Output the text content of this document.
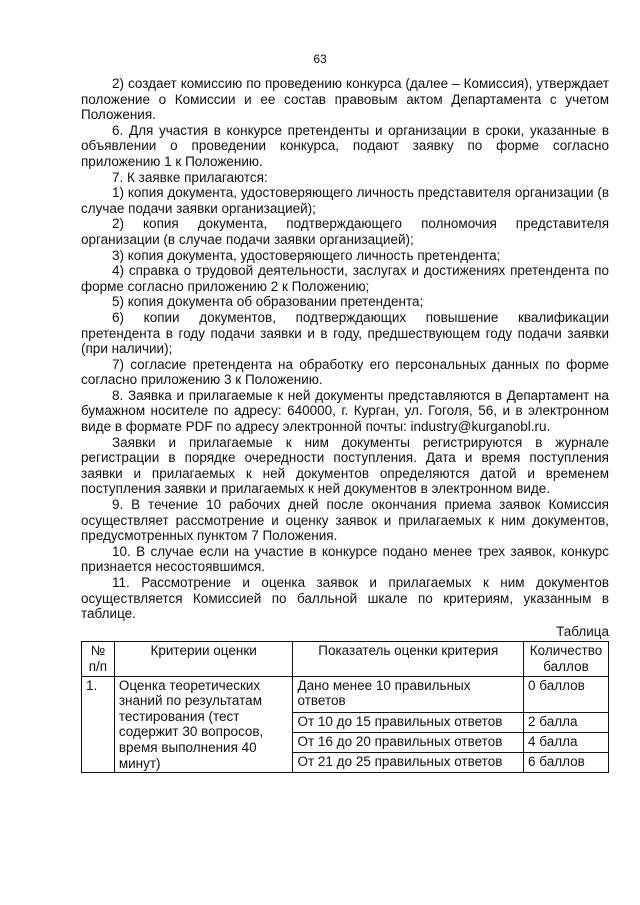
63

2) создает комиссию по проведению конкурса (далее – Комиссия), утверждает положение о Комиссии и ее состав правовым актом Департамента с учетом Положения.

6. Для участия в конкурсе претенденты и организации в сроки, указанные в объявлении о проведении конкурса, подают заявку по форме согласно приложению 1 к Положению.

7. К заявке прилагаются:

1) копия документа, удостоверяющего личность представителя организации (в случае подачи заявки организацией);

2) копия документа, подтверждающего полномочия представителя организации (в случае подачи заявки организацией);

3) копия документа, удостоверяющего личность претендента;

4) справка о трудовой деятельности, заслугах и достижениях претендента по форме согласно приложению 2 к Положению;

5) копия документа об образовании претендента;

6) копии документов, подтверждающих повышение квалификации претендента в году подачи заявки и в году, предшествующем году подачи заявки (при наличии);

7) согласие претендента на обработку его персональных данных по форме согласно приложению 3 к Положению.

8. Заявка и прилагаемые к ней документы представляются в Департамент на бумажном носителе по адресу: 640000, г. Курган, ул. Гоголя, 56, и в электронном виде в формате PDF по адресу электронной почты: industry@kurganobl.ru.

Заявки и прилагаемые к ним документы регистрируются в журнале регистрации в порядке очередности поступления. Дата и время поступления заявки и прилагаемых к ней документов определяются датой и временем поступления заявки и прилагаемых к ней документов в электронном виде.

9. В течение 10 рабочих дней после окончания приема заявок Комиссия осуществляет рассмотрение и оценку заявок и прилагаемых к ним документов, предусмотренных пунктом 7 Положения.

10. В случае если на участие в конкурсе подано менее трех заявок, конкурс признается несостоявшимся.

11. Рассмотрение и оценка заявок и прилагаемых к ним документов осуществляется Комиссией по балльной шкале по критериям, указанным в таблице.

Таблица
№ п/п	Критерии оценки	Показатель оценки критерия	Количество баллов
1.	Оценка теоретических знаний по результатам тестирования (тест содержит 30 вопросов, время выполнения 40 минут)	Дано менее 10 правильных ответов	0 баллов
		От 10 до 15 правильных ответов	2 балла
		От 16 до 20 правильных ответов	4 балла
		От 21 до 25 правильных ответов	6 баллов
